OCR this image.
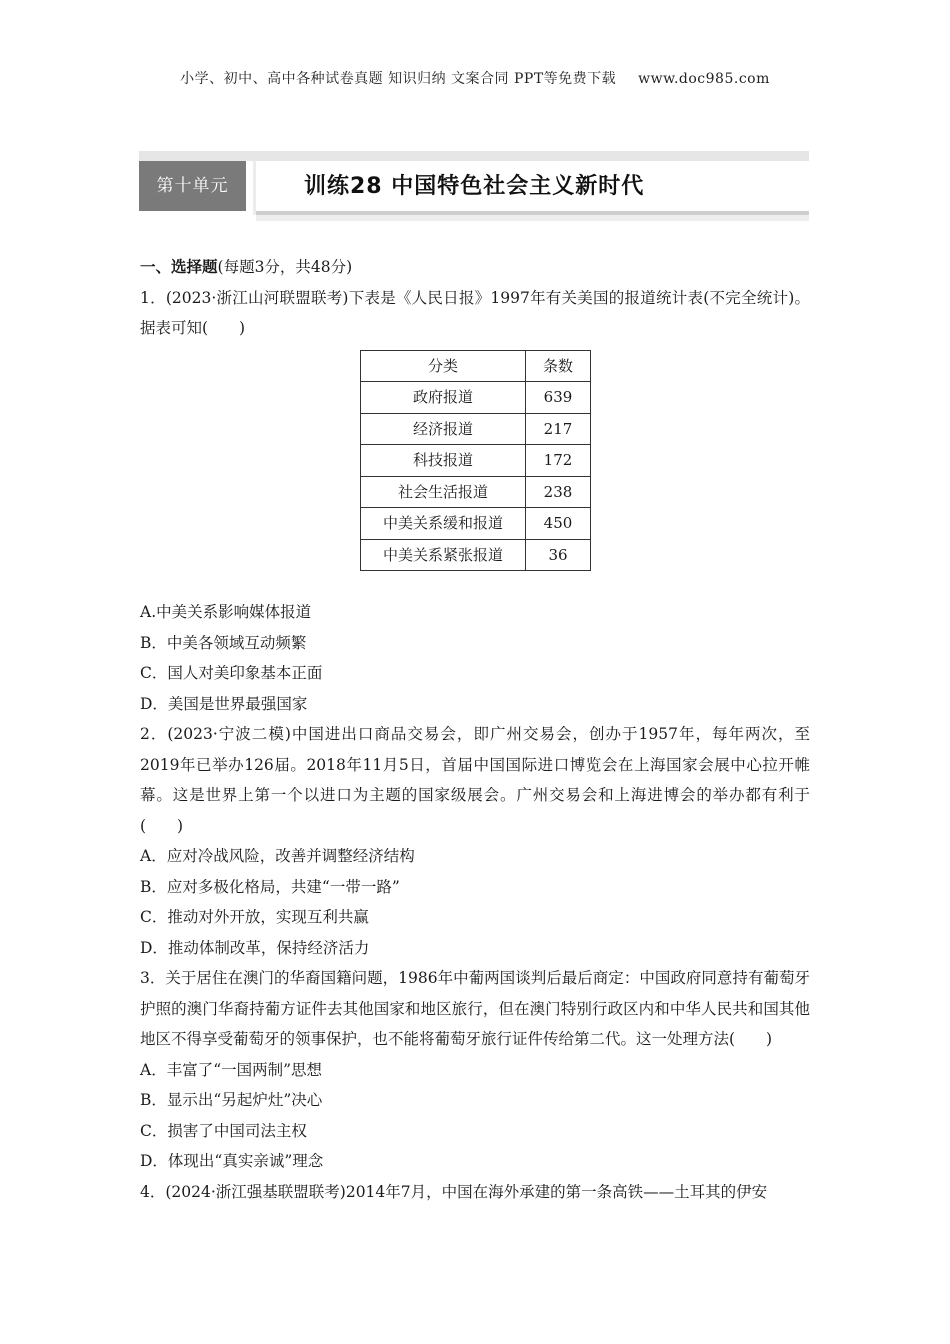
小学、初中、高中各种试卷真题 知识归纳 文案合同 PPT等免费下载 www.doc985.com
第十单元	训练28 中国特色社会主义新时代

一、选择题(每题3分，共48分)

1．(2023·浙江山河联盟联考)下表是《人民日报》1997年有关美国的报道统计表(不完全统计)。据表可知(　　)

分类	条数
政府报道	639
经济报道	217
科技报道	172
社会生活报道	238
中美关系缓和报道	450
中美关系紧张报道	36

A.中美关系影响媒体报道

B．中美各领域互动频繁

C．国人对美印象基本正面

D．美国是世界最强国家

2．(2023·宁波二模)中国进出口商品交易会，即广州交易会，创办于1957年，每年两次，至2019年已举办126届。2018年11月5日，首届中国国际进口博览会在上海国家会展中心拉开帷幕。这是世界上第一个以进口为主题的国家级展会。广州交易会和上海进博会的举办都有利于(　　)

A．应对冷战风险，改善并调整经济结构

B．应对多极化格局，共建“一带一路”

C．推动对外开放，实现互利共赢

D．推动体制改革，保持经济活力

3．关于居住在澳门的华裔国籍问题，1986年中葡两国谈判后最后商定：中国政府同意持有葡萄牙护照的澳门华裔持葡方证件去其他国家和地区旅行，但在澳门特别行政区内和中华人民共和国其他地区不得享受葡萄牙的领事保护，也不能将葡萄牙旅行证件传给第二代。这一处理方法(　　)

A．丰富了“一国两制”思想

B．显示出“另起炉灶”决心

C．损害了中国司法主权

D．体现出“真实亲诚”理念

4．(2024·浙江强基联盟联考)2014年7月，中国在海外承建的第一条高铁——土耳其的伊安
